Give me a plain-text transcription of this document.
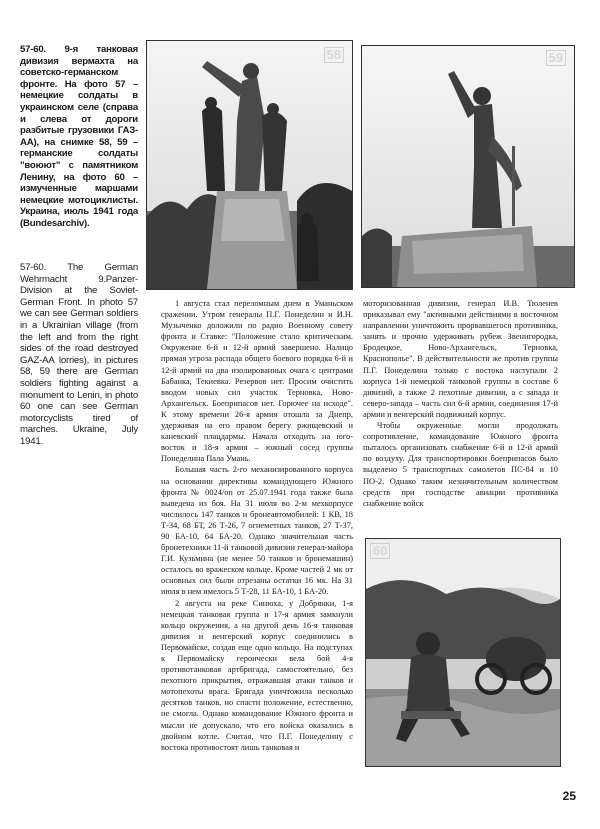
57-60. 9-я танковая дивизия вермахта на советско-германском фронте. На фото 57 – немецкие солдаты в украинском селе (справа и слева от дороги разбитые грузовики ГАЗ-АА), на снимке 58, 59 – германские солдаты "воюют" с памятником Ленину, на фото 60 – измученные маршами немецкие мотоциклисты. Украина, июль 1941 года (Bundesarchiv).
57-60. The German Wehrmacht 9.Panzer-Division at the Soviet-German Front. In photo 57 we can see German soldiers in a Ukrainian village (from the left and from the right sides of the road destroyed GAZ-AA lorries), in pictures 58, 59 there are German soldiers fighting against a monument to Lenin, in photo 60 one can see German motorcyclists tired of marches. Ukraine, July 1941.
58	59

1 августа стал переломным днем в Уманьском сражении. Утром генералы П.Г. Понеделин и И.Н. Музыченко доложили по радио Военному совету фронта и Ставке: "Положение стало критическим. Окружение 6-й и 12-й армий завершено. Налицо прямая угроза распада общего боевого порядка 6-й и 12-й армий на два изолированных очага с центрами Бабанка, Текиевка. Резервов нет. Просим очистить вводом новых сил участок Терновка, Ново-Архангельск. Боеприпасов нет. Горючее на исходе". К этому времени 26-я армия отошла за Днепр, удерживая на его правом берегу ржищевский и каневский плацдармы. Начала отходить на юго-восток и 18-я армия – южный сосед группы Понеделина Пала Умань.

Большая часть 2-го механизированного корпуса на основании директивы командующего Южного фронта № 0024/оп от 25.07.1941 года также была выведена из боя. На 31 июля во 2-м мехкорпусе числилось 147 танков и бронеавтомобилей: 1 КВ, 18 Т-34, 68 БТ, 26 Т-26, 7 огнеметных танков, 27 Т-37, 90 БА-10, 64 БА-20. Однако значительная часть бронетехники 11-й танковой дивизии генерал-майора Г.И. Кузьмина (не менее 50 танков и бронемашин) осталось во вражеском кольце. Кроме частей 2 мк от основных сил были отрезаны остатки 16 мк. На 31 июля в нем имелось 5 Т-28, 11 БА-10, 1 БА-20.

2 августа на реке Синюха, у Добрянки, 1-я немецкая танковая группа и 17-я армия замкнули кольцо окружения, а на другой день 16-я танковая дивизия и венгерский корпус соединились в Первомайске, создав еще одно кольцо. На подступах к Первомайску героически вела бой 4-я противотанковая артбригада, самостоятельно, без пехотного прикрытия, отражавшая атаки танков и мотопехоты врага. Бригада уничтожила несколько десятков танков, но спасти положение, естественно, не смогла. Однако командование Южного фронта и мысли не допускало, что его войска оказались в двойном котле. Считая, что П.Г. Понеделину с востока противостоят лишь танковая и

моторизованная дивизии, генерал И.В. Тюленев приказывал ему "активными действиями в восточном направлении уничтожить прорвавшегося противника, занять и прочно удерживать рубеж Звенигородка, Бродецкое, Ново-Архангельск, Терновка, Краснополье". В действительности же против группы П.Г. Понеделина только с востока наступали 2 корпуса 1-й немецкой танковой группы в составе 6 дивизий, а также 2 пехотные дивизии, а с запада и северо-запада – часть сил 6-й армии, соединения 17-й армии и венгерский подвижный корпус.

Чтобы окруженные могли продолжать сопротивление, командование Южного фронта пыталось организовать снабжение 6-й и 12-й армий по воздуху. Для транспортировки боеприпасов было выделено 5 транспортных самолетов ПС-84 и 10 ПО-2. Однако таким незначительным количеством средств при господстве авиации противника снабжение войск

60
25
